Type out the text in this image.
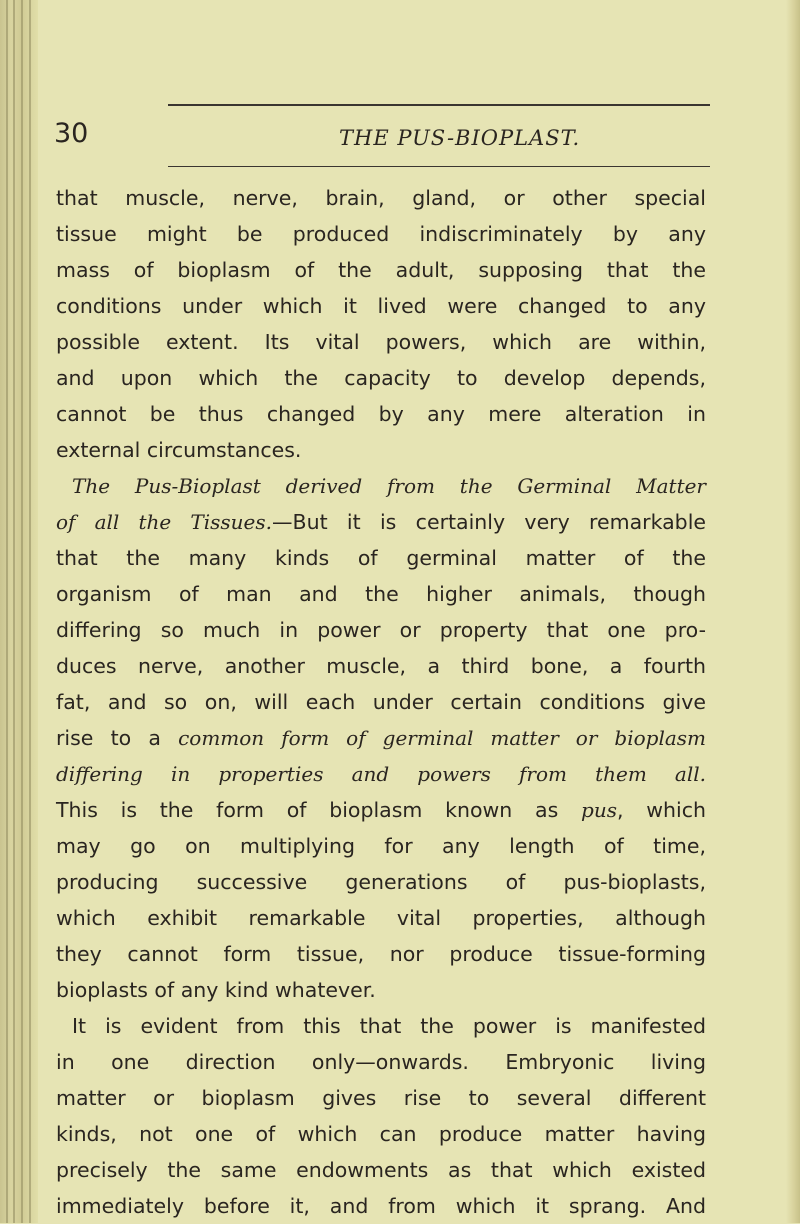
30	THE PUS-BIOPLAST.
that muscle, nerve, brain, gland, or other special
tissue might be produced indiscriminately by any
mass of bioplasm of the adult, supposing that the
conditions under which it lived were changed to any
possible extent. Its vital powers, which are within,
and upon which the capacity to develop depends,
cannot be thus changed by any mere alteration in
external circumstances.
The Pus-Bioplast derived from the Germinal Matter
of all the Tissues.—But it is certainly very remarkable
that the many kinds of germinal matter of the
organism of man and the higher animals, though
differing so much in power or property that one pro-
duces nerve, another muscle, a third bone, a fourth
fat, and so on, will each under certain conditions give
rise to a common form of germinal matter or bioplasm
differing in properties and powers from them all.
This is the form of bioplasm known as pus, which
may go on multiplying for any length of time,
producing successive generations of pus-bioplasts,
which exhibit remarkable vital properties, although
they cannot form tissue, nor produce tissue-forming
bioplasts of any kind whatever.
It is evident from this that the power is manifested
in one direction only—onwards. Embryonic living
matter or bioplasm gives rise to several different
kinds, not one of which can produce matter having
precisely the same endowments as that which existed
immediately before it, and from which it sprang. And
